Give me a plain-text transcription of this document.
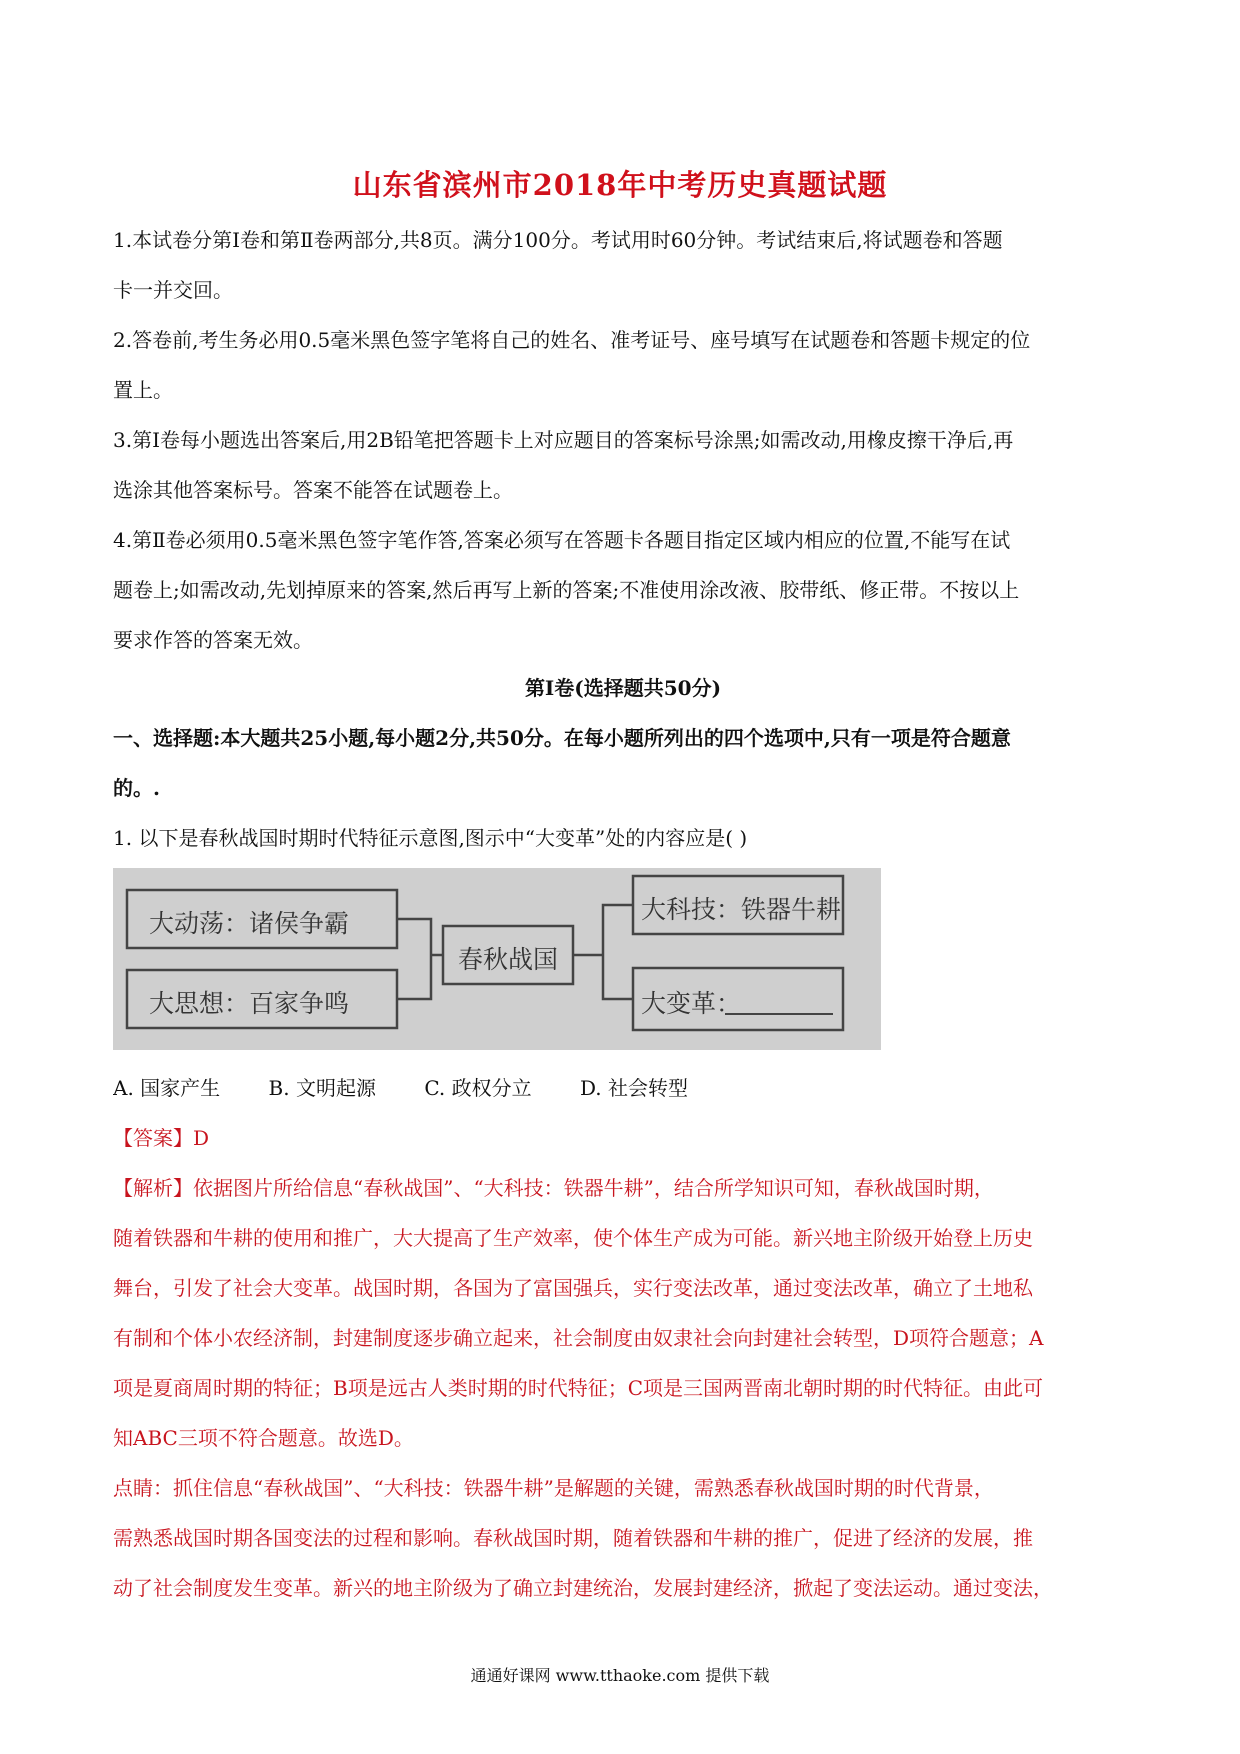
山东省滨州市2018年中考历史真题试题
1.本试卷分第Ⅰ卷和第Ⅱ卷两部分,共8页。满分100分。考试用时60分钟。考试结束后,将试题卷和答题
卡一并交回。
2.答卷前,考生务必用0.5毫米黑色签字笔将自己的姓名、准考证号、座号填写在试题卷和答题卡规定的位
置上。
3.第Ⅰ卷每小题选出答案后,用2B铅笔把答题卡上对应题目的答案标号涂黑;如需改动,用橡皮擦干净后,再
选涂其他答案标号。答案不能答在试题卷上。
4.第Ⅱ卷必须用0.5毫米黑色签字笔作答,答案必须写在答题卡各题目指定区域内相应的位置,不能写在试
题卷上;如需改动,先划掉原来的答案,然后再写上新的答案;不准使用涂改液、胶带纸、修正带。不按以上
要求作答的答案无效。
第Ⅰ卷(选择题共50分)
一、选择题:本大题共25小题,每小题2分,共50分。在每小题所列出的四个选项中,只有一项是符合题意
的。.
1. 以下是春秋战国时期时代特征示意图,图示中“大变革”处的内容应是( )
大动荡：诸侯争霸
大思想：百家争鸣
春秋战国
大科技：铁器牛耕
大变革：
A. 国家产生 B. 文明起源 C. 政权分立 D. 社会转型
【答案】D
【解析】依据图片所给信息“春秋战国”、“大科技：铁器牛耕”，结合所学知识可知，春秋战国时期，
随着铁器和牛耕的使用和推广，大大提高了生产效率，使个体生产成为可能。新兴地主阶级开始登上历史
舞台，引发了社会大变革。战国时期，各国为了富国强兵，实行变法改革，通过变法改革，确立了土地私
有制和个体小农经济制，封建制度逐步确立起来，社会制度由奴隶社会向封建社会转型，D项符合题意；A
项是夏商周时期的特征；B项是远古人类时期的时代特征；C项是三国两晋南北朝时期的时代特征。由此可
知ABC三项不符合题意。故选D。
点睛：抓住信息“春秋战国”、“大科技：铁器牛耕”是解题的关键，需熟悉春秋战国时期的时代背景，
需熟悉战国时期各国变法的过程和影响。春秋战国时期，随着铁器和牛耕的推广，促进了经济的发展，推
动了社会制度发生变革。新兴的地主阶级为了确立封建统治，发展封建经济，掀起了变法运动。通过变法，
通通好课网 www.tthaoke.com 提供下载
